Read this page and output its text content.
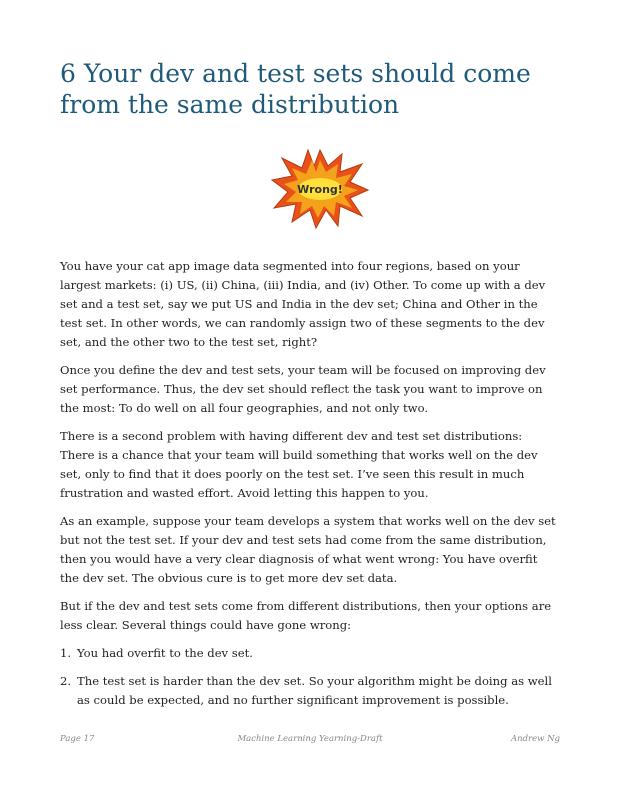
6 Your dev and test sets should come from the same distribution
Wrong!

You have your cat app image data segmented into four regions, based on your largest markets: (i) US, (ii) China, (iii) India, and (iv) Other. To come up with a dev set and a test set, say we put US and India in the dev set; China and Other in the test set. In other words, we can randomly assign two of these segments to the dev set, and the other two to the test set, right?

Once you define the dev and test sets, your team will be focused on improving dev set performance. Thus, the dev set should reflect the task you want to improve on the most: To do well on all four geographies, and not only two.

There is a second problem with having different dev and test set distributions: There is a chance that your team will build something that works well on the dev set, only to find that it does poorly on the test set. I’ve seen this result in much frustration and wasted effort. Avoid letting this happen to you.

As an example, suppose your team develops a system that works well on the dev set but not the test set. If your dev and test sets had come from the same distribution, then you would have a very clear diagnosis of what went wrong: You have overfit the dev set. The obvious cure is to get more dev set data.

But if the dev and test sets come from different distributions, then your options are less clear. Several things could have gone wrong:

1. You had overfit to the dev set.
2. The test set is harder than the dev set. So your algorithm might be doing as well as could be expected, and no further significant improvement is possible.
Page 17	Machine Learning Yearning-Draft	Andrew Ng
